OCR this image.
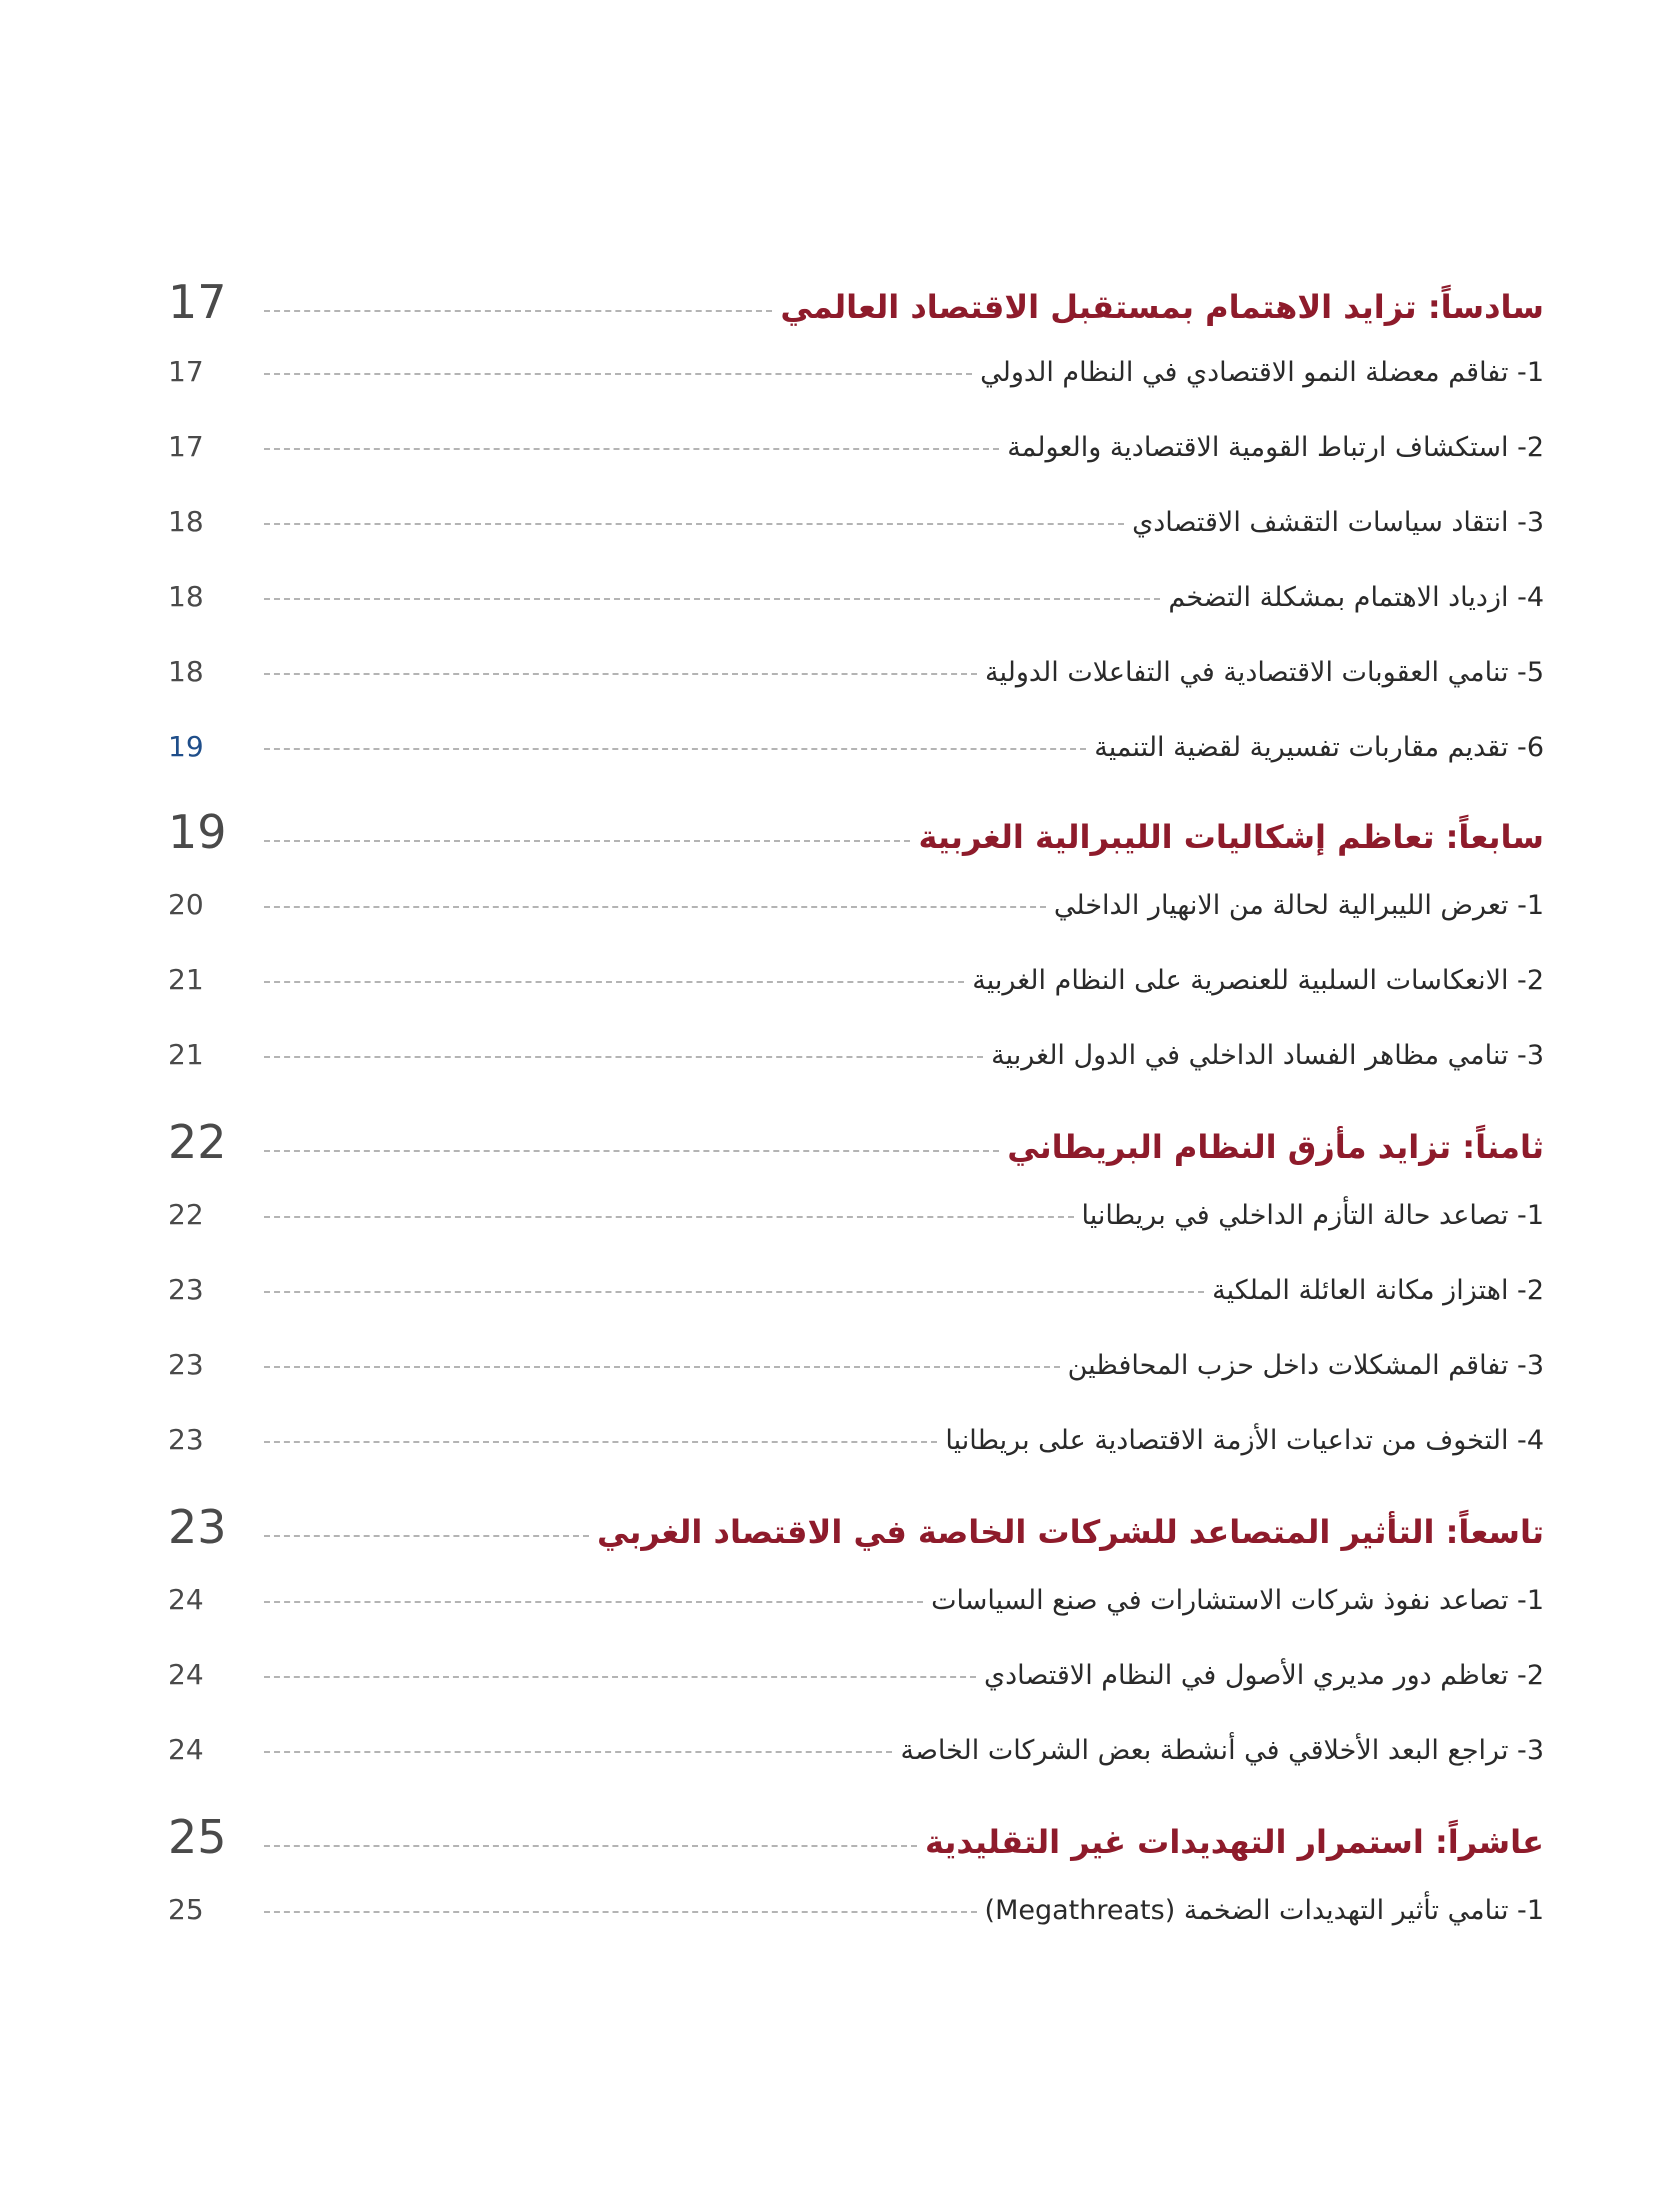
سادساً: تزايد الاهتمام بمستقبل الاقتصاد العالمي
17
1- تفاقم معضلة النمو الاقتصادي في النظام الدولي
17
2- استكشاف ارتباط القومية الاقتصادية والعولمة
17
3- انتقاد سياسات التقشف الاقتصادي
18
4- ازدياد الاهتمام بمشكلة التضخم
18
5- تنامي العقوبات الاقتصادية في التفاعلات الدولية
18
6- تقديم مقاربات تفسيرية لقضية التنمية
19
سابعاً: تعاظم إشكاليات الليبرالية الغربية
19
1- تعرض الليبرالية لحالة من الانهيار الداخلي
20
2- الانعكاسات السلبية للعنصرية على النظام الغربية
21
3- تنامي مظاهر الفساد الداخلي في الدول الغربية
21
ثامناً: تزايد مأزق النظام البريطاني
22
1- تصاعد حالة التأزم الداخلي في بريطانيا
22
2- اهتزاز مكانة العائلة الملكية
23
3- تفاقم المشكلات داخل حزب المحافظين
23
4- التخوف من تداعيات الأزمة الاقتصادية على بريطانيا
23
تاسعاً: التأثير المتصاعد للشركات الخاصة في الاقتصاد الغربي
23
1- تصاعد نفوذ شركات الاستشارات في صنع السياسات
24
2- تعاظم دور مديري الأصول في النظام الاقتصادي
24
3- تراجع البعد الأخلاقي في أنشطة بعض الشركات الخاصة
24
عاشراً: استمرار التهديدات غير التقليدية
25
1- تنامي تأثير التهديدات الضخمة (Megathreats)
25
